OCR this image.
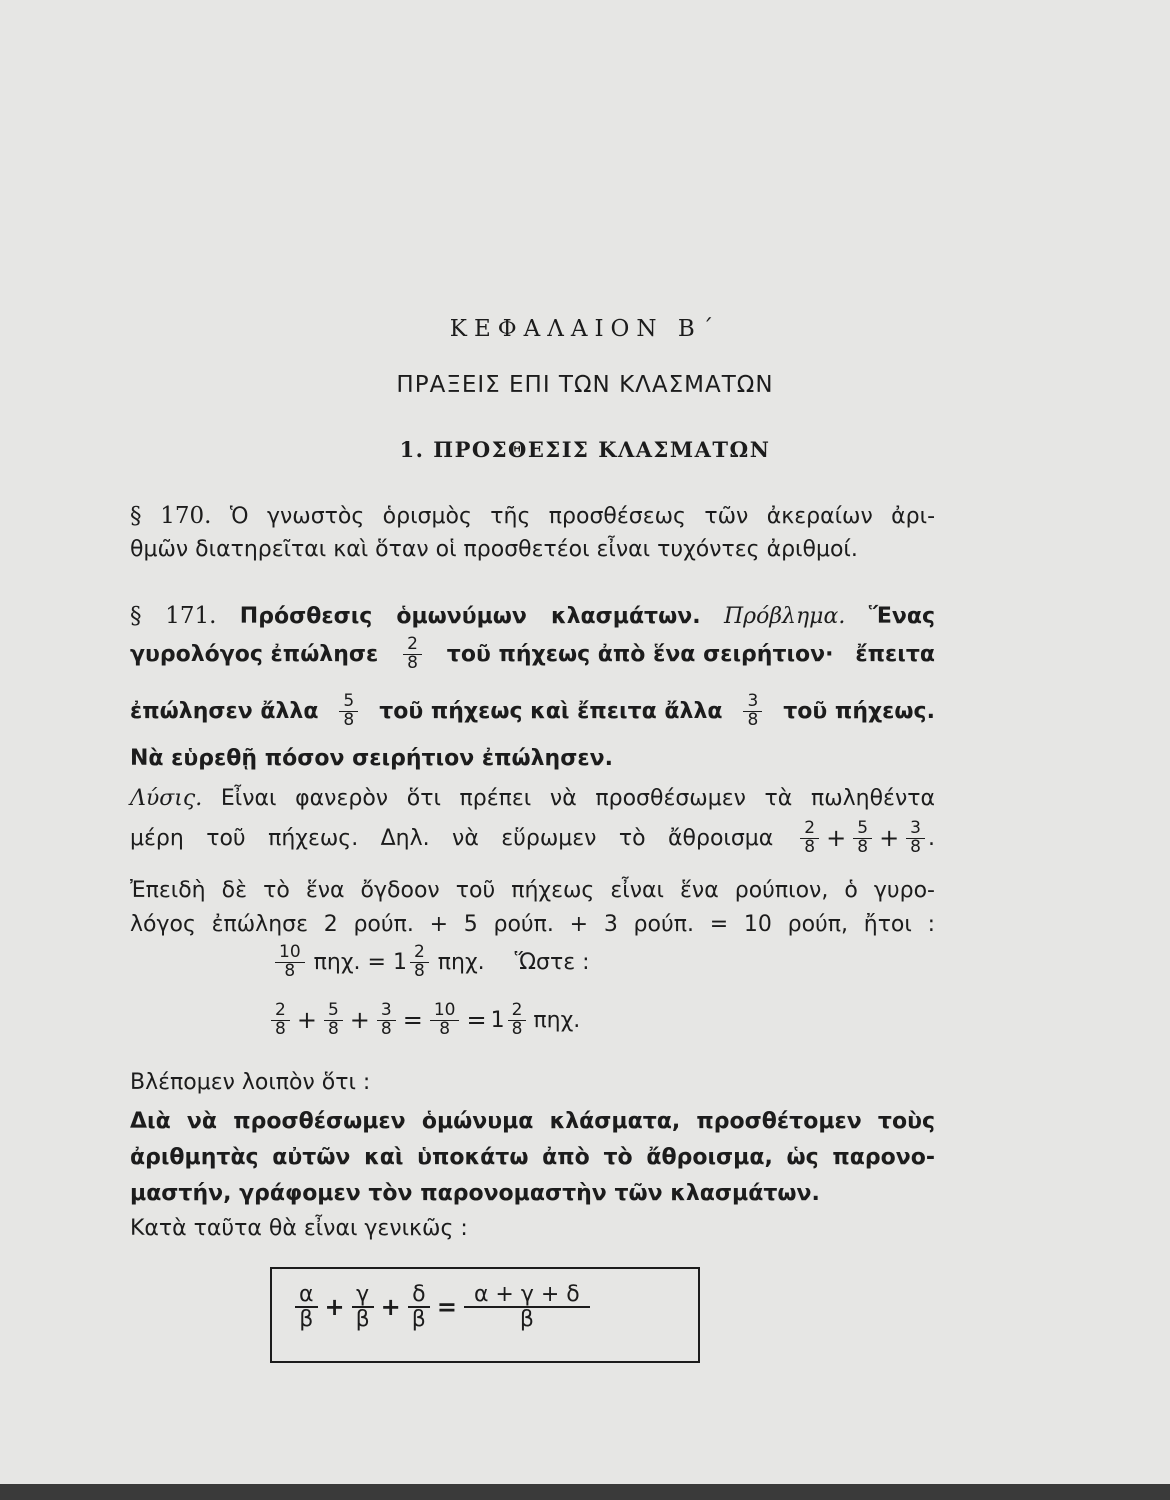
ΚΕΦΑΛΑΙΟΝ Β΄
ΠΡΑΞΕΙΣ ΕΠΙ ΤΩΝ ΚΛΑΣΜΑΤΩΝ
1. ΠΡΟΣΘΕΣΙΣ ΚΛΑΣΜΑΤΩΝ
§ 170. Ὁ γνωστὸς ὁρισμὸς τῆς προσθέσεως τῶν ἀκεραίων ἀρι-
θμῶν διατηρεῖται καὶ ὅταν οἱ προσθετέοι εἶναι τυχόντες ἀριθμοί.
§ 171. Πρόσθεσις ὁμωνύμων κλασμάτων. Πρόβλημα. Ἕνας
γυρολόγος ἐπώλησε $\frac{2}{8}$ τοῦ πήχεως ἀπὸ ἕνα σειρήτιον· ἔπειτα
ἐπώλησεν ἄλλα $\frac{5}{8}$ τοῦ πήχεως καὶ ἔπειτα ἄλλα $\frac{3}{8}$ τοῦ πήχεως.
Νὰ εὑρεθῇ πόσον σειρήτιον ἐπώλησεν.
Λύσις. Εἶναι φανερὸν ὅτι πρέπει νὰ προσθέσωμεν τὰ πωληθέντα
μέρη τοῦ πήχεως. Δηλ. νὰ εὕρωμεν τὸ ἄθροισμα $\frac{2}{8} + \frac{5}{8} + \frac{3}{8}$ .
Ἐπειδὴ δὲ τὸ ἕνα ὄγδοον τοῦ πήχεως εἶναι ἕνα ρούπιον, ὁ γυρο-
λόγος ἐπώλησε 2 ρούπ. + 5 ρούπ. + 3 ρούπ. = 10 ρούπ, ἤτοι :
$\frac{10}{8} \pi\eta\chi$. = $1 \frac{2}{8} \pi\eta\chi$. Ὥστε :
$\frac{2}{8} + \frac{5}{8} + \frac{3}{8} = \frac{10}{8} = 1 \frac{2}{8} \pi\eta\chi$.
Βλέπομεν λοιπὸν ὅτι :
Διὰ νὰ προσθέσωμεν ὁμώνυμα κλάσματα, προσθέτομεν τοὺς
ἀριθμητὰς αὐτῶν καὶ ὑποκάτω ἀπὸ τὸ ἄθροισμα, ὡς παρονο-
μαστήν, γράφομεν τὸν παρονομαστὴν τῶν κλασμάτων.
Κατὰ ταῦτα θὰ εἶναι γενικῶς :
$\frac{\alpha}{\beta} + \frac{\gamma}{\beta} + \frac{\delta}{\beta} = \frac{\alpha + \gamma + \delta}{\beta}$
